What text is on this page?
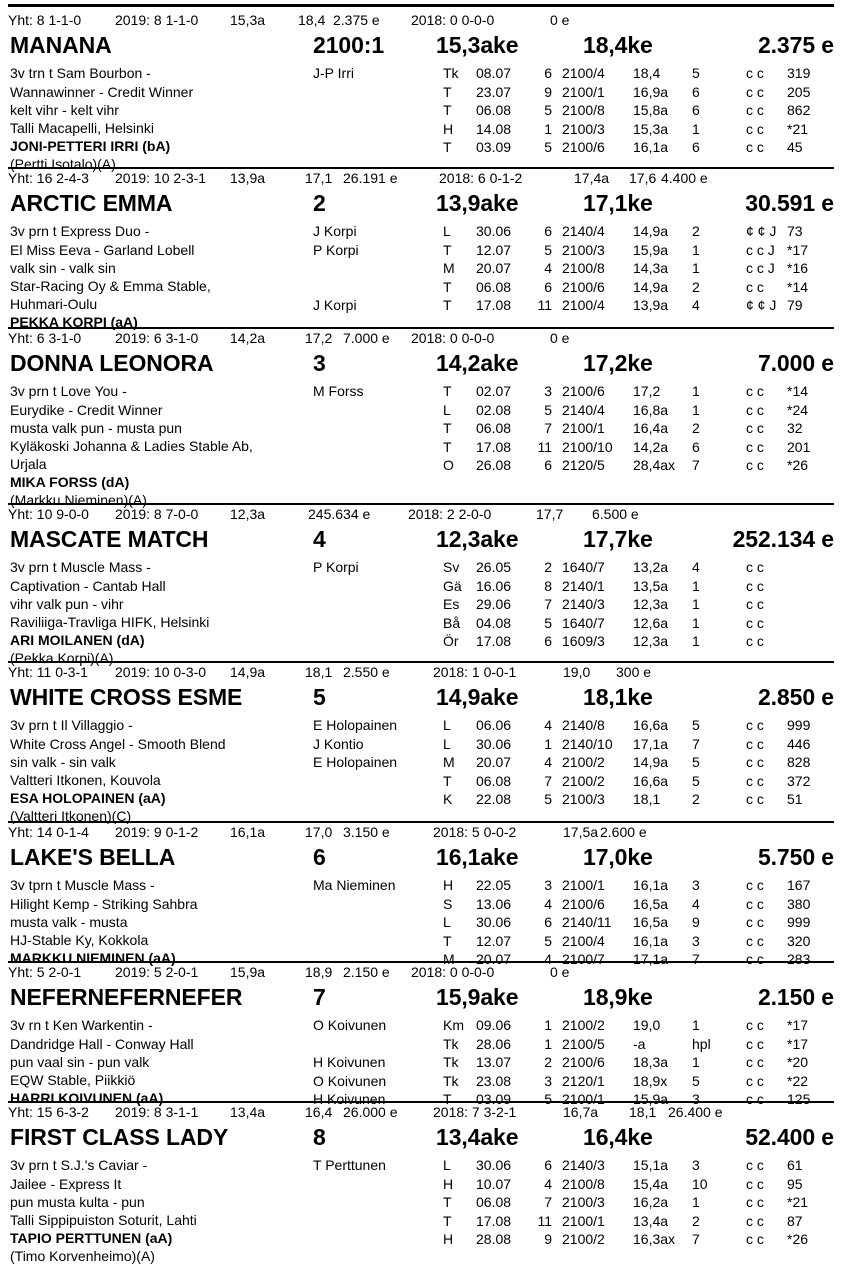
Yht: 8 1-1-0 2019: 8 1-1-0 15,3a 18,4 2.375 e 2018: 0 0-0-0	0 e
MANANA	2100:1 15,3ake	18,4ke	2.375 e
3v trn t Sam Bourbon -
Wannawinner - Credit Winner
kelt vihr - kelt vihr
Talli Macapelli, Helsinki
JONI-PETTERI IRRI (bA)
(Pertti Isotalo)(A)
J-P Irri	Tk 08.07 6 2100/4 18,4 5	c c 319
T 23.07 9 2100/1 16,9a 6	c c 205
T 06.08 5 2100/8 15,8a 6	c c 862
H 14.08 1 2100/3 15,3a 1	c c *21
T 03.09 5 2100/6 16,1a 6	c c 45
Yht: 16 2-4-3 2019: 10 2-3-1 13,9a	17,1 26.191 e	2018: 6 0-1-2	17,4a 17,6 4.400 e
ARCTIC EMMA	2	13,9ake	17,1ke	30.591 e
3v prn t Express Duo -
El Miss Eeva - Garland Lobell
valk sin - valk sin
Star-Racing Oy & Emma Stable,
Huhmari-Oulu
PEKKA KORPI (aA)
J Korpi	L 30.06 6 2140/4 14,9a 2	¢ ¢ J 73
P Korpi	T 12.07 5 2100/3 15,9a 1	c c J *17
M 20.07 4 2100/8 14,3a 1	c c J *16
T 06.08 6 2100/6 14,9a 2	c c *14
J Korpi	T 17.08 11 2100/4 13,9a 4	¢ ¢ J 79
Yht: 6 3-1-0 2019: 6 3-1-0 14,2a	17,2 7.000 e 2018: 0 0-0-0	0 e
DONNA LEONORA	3	14,2ake	17,2ke	7.000 e
3v prn t Love You -
Eurydike - Credit Winner
musta valk pun - musta pun
Kyläkoski Johanna & Ladies Stable Ab,
Urjala
MIKA FORSS (dA)
(Markku Nieminen)(A)
M Forss	T 02.07 3 2100/6 17,2 1	c c *14
L 02.08 5 2140/4 16,8a 1	c c *24
T 06.08 7 2100/1 16,4a 2	c c 32
T 17.08 11 2100/10 14,2a 6	c c 201
O 26.08 6 2120/5 28,4ax 7	c c *26
Yht: 10 9-0-0 2019: 8 7-0-0 12,3a	245.634 e	2018: 2 2-0-0	17,7 6.500 e
MASCATE MATCH	4	12,3ake	17,7ke	252.134 e
3v prn t Muscle Mass -
Captivation - Cantab Hall
vihr valk pun - vihr
Raviliiga-Travliga HIFK, Helsinki
ARI MOILANEN (dA)
(Pekka Korpi)(A)
P Korpi	Sv 26.05 2 1640/7 13,2a 4	c c
Gä 16.06 8 2140/1 13,5a 1	c c
Es 29.06 7 2140/3 12,3a 1	c c
Bå 04.08 5 1640/7 12,6a 1	c c
Ör 17.08 6 1609/3 12,3a 1	c c
Yht: 11 0-3-1 2019: 10 0-3-0 14,9a	18,1 2.550 e	2018: 1 0-0-1	19,0 300 e
WHITE CROSS ESME	5	14,9ake	18,1ke	2.850 e
3v prn t Il Villaggio -
White Cross Angel - Smooth Blend
sin valk - sin valk
Valtteri Itkonen, Kouvola
ESA HOLOPAINEN (aA)
(Valtteri Itkonen)(C)
E Holopainen	L 06.06 4 2140/8 16,6a 5	c c 999
J Kontio	L 30.06 1 2140/10 17,1a 7	c c 446
E Holopainen	M 20.07 4 2100/2 14,9a 5	c c 828
T 06.08 7 2100/2 16,6a 5	c c 372
K 22.08 5 2100/3 18,1 2	c c 51
Yht: 14 0-1-4 2019: 9 0-1-2 16,1a	17,0 3.150 e	2018: 5 0-0-2	17,5a 2.600 e
LAKE'S BELLA	6	16,1ake	17,0ke	5.750 e
3v tprn t Muscle Mass -
Hilight Kemp - Striking Sahbra
musta valk - musta
HJ-Stable Ky, Kokkola
MARKKU NIEMINEN (aA)
Ma Nieminen	H 22.05 3 2100/1 16,1a 3	c c 167
S 13.06 4 2100/6 16,5a 4	c c 380
L 30.06 6 2140/11 16,5a 9	c c 999
T 12.07 5 2100/4 16,1a 3	c c 320
M 20.07 4 2100/7 17,1a 7	c c 283
Yht: 5 2-0-1 2019: 5 2-0-1 15,9a	18,9 2.150 e 2018: 0 0-0-0	0 e
NEFERNEFERNEFER	7	15,9ake	18,9ke	2.150 e
3v rn t Ken Warkentin -
Dandridge Hall - Conway Hall
pun vaal sin - pun valk
EQW Stable, Piikkiö
HARRI KOIVUNEN (aA)
O Koivunen	Km 09.06 1 2100/2 19,0 1	c c *17
Tk 28.06 1 2100/5 -a	hpl	c c *17
H Koivunen	Tk 13.07 2 2100/6 18,3a 1	c c *20
O Koivunen	Tk 23.08 3 2120/1 18,9x 5	c c *22
H Koivunen	T 03.09 5 2100/1 15,9a 3	c c 125
Yht: 15 6-3-2 2019: 8 3-1-1 13,4a	16,4 26.000 e	2018: 7 3-2-1	16,7a 18,1 26.400 e
FIRST CLASS LADY	8	13,4ake	16,4ke	52.400 e
3v prn t S.J.'s Caviar -
Jailee - Express It
pun musta kulta - pun
Talli Sippipuiston Soturit, Lahti
TAPIO PERTTUNEN (aA)
(Timo Korvenheimo)(A)
T Perttunen	L 30.06 6 2140/3 15,1a 3	c c 61
H 10.07 4 2100/8 15,4a 10	c c 95
T 06.08 7 2100/3 16,2a 1	c c *21
T 17.08 11 2100/1 13,4a 2	c c 87
H 28.08 9 2100/2 16,3ax 7	c c *26
